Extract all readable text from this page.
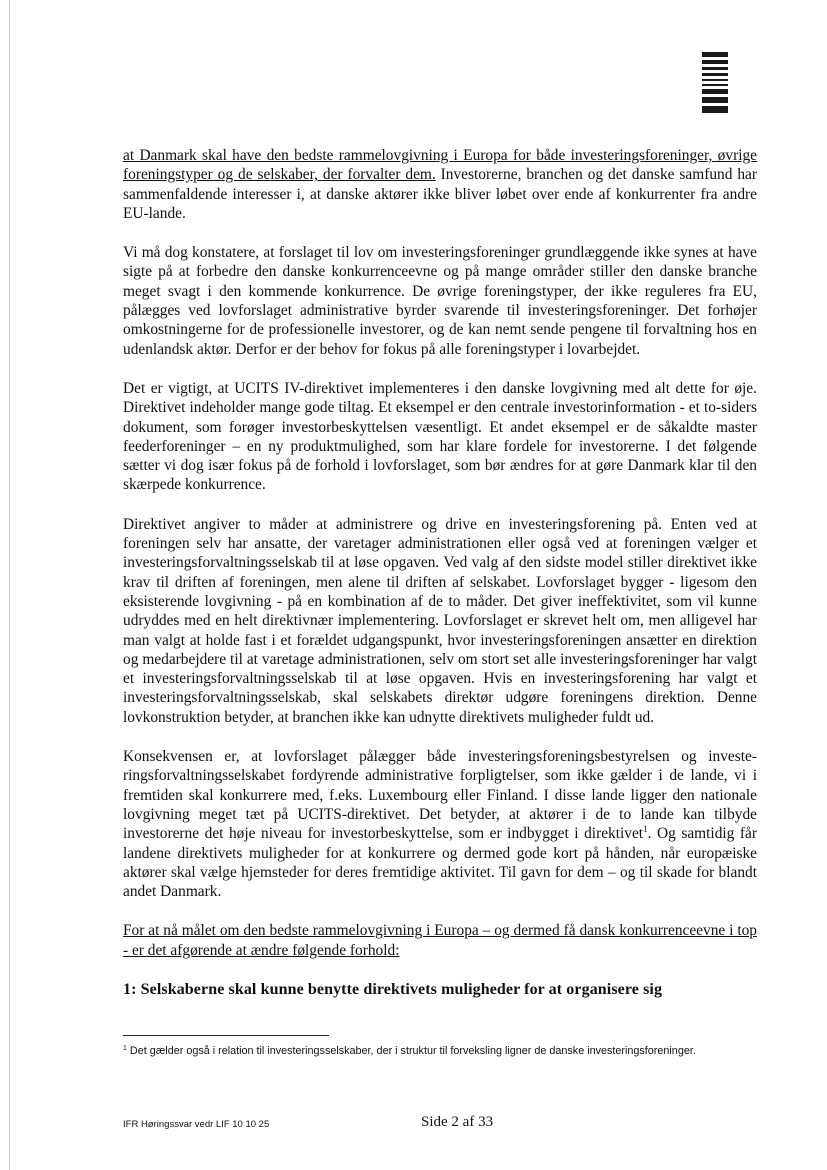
at Danmark skal have den bedste rammelovgivning i Europa for både investeringsforeninger, øvrige foreningstyper og de selskaber, der forvalter dem. Investorerne, branchen og det danske samfund har sammenfaldende interesser i, at danske aktører ikke bliver løbet over ende af konkurrenter fra andre EU-lande.

Vi må dog konstatere, at forslaget til lov om investeringsforeninger grundlæggende ikke synes at have sigte på at forbedre den danske konkurrenceevne og på mange områder stiller den danske branche meget svagt i den kommende konkurrence. De øvrige foreningstyper, der ikke reguleres fra EU, pålægges ved lovforslaget administrative byrder svarende til investeringsforeninger. Det forhøjer omkostningerne for de professionelle investorer, og de kan nemt sende pengene til forvaltning hos en udenlandsk aktør. Derfor er der behov for fokus på alle foreningstyper i lovarbejdet.

Det er vigtigt, at UCITS IV-direktivet implementeres i den danske lovgivning med alt dette for øje. Direktivet indeholder mange gode tiltag. Et eksempel er den centrale investorinformation - et to-siders dokument, som forøger investorbeskyttelsen væsentligt. Et andet eksempel er de såkaldte master feederforeninger – en ny produktmulighed, som har klare fordele for investorerne. I det følgende sætter vi dog især fokus på de forhold i lovforslaget, som bør ændres for at gøre Danmark klar til den skærpede konkurrence.

Direktivet angiver to måder at administrere og drive en investeringsforening på. Enten ved at foreningen selv har ansatte, der varetager administrationen eller også ved at foreningen vælger et investeringsforvaltningsselskab til at løse opgaven. Ved valg af den sidste model stiller direktivet ikke krav til driften af foreningen, men alene til driften af selskabet. Lovforslaget bygger - ligesom den eksisterende lovgivning - på en kombination af de to måder. Det giver ineffektivitet, som vil kunne udryddes med en helt direktivnær implementering. Lovforslaget er skrevet helt om, men alligevel har man valgt at holde fast i et forældet udgangspunkt, hvor investeringsforeningen ansætter en direktion og medarbejdere til at varetage administrationen, selv om stort set alle investeringsforeninger har valgt et investeringsforvaltningsselskab til at løse opgaven. Hvis en investeringsforening har valgt et investeringsforvaltningsselskab, skal selskabets direktør udgøre foreningens direktion. Denne lovkonstruktion betyder, at branchen ikke kan udnytte direktivets muligheder fuldt ud.

Konsekvensen er, at lovforslaget pålægger både investeringsforeningsbestyrelsen og investeringsforvaltningsselskabet fordyrende administrative forpligtelser, som ikke gælder i de lande, vi i fremtiden skal konkurrere med, f.eks. Luxembourg eller Finland. I disse lande ligger den nationale lovgivning meget tæt på UCITS-direktivet. Det betyder, at aktører i de to lande kan tilbyde investorerne det høje niveau for investorbeskyttelse, som er indbygget i direktivet$^1$. Og samtidig får landene direktivets muligheder for at konkurrere og dermed gode kort på hånden, når europæiske aktører skal vælge hjemsteder for deres fremtidige aktivitet. Til gavn for dem – og til skade for blandt andet Danmark.

For at nå målet om den bedste rammelovgivning i Europa – og dermed få dansk konkurrenceevne i top - er det afgørende at ændre følgende forhold:

1: Selskaberne skal kunne benytte direktivets muligheder for at organisere sig
$^1$ Det gælder også i relation til investeringsselskaber, der i struktur til forveksling ligner de danske investeringsforeninger.
IFR Høringssvar vedr LIF 10 10 25	Side 2 af 33
